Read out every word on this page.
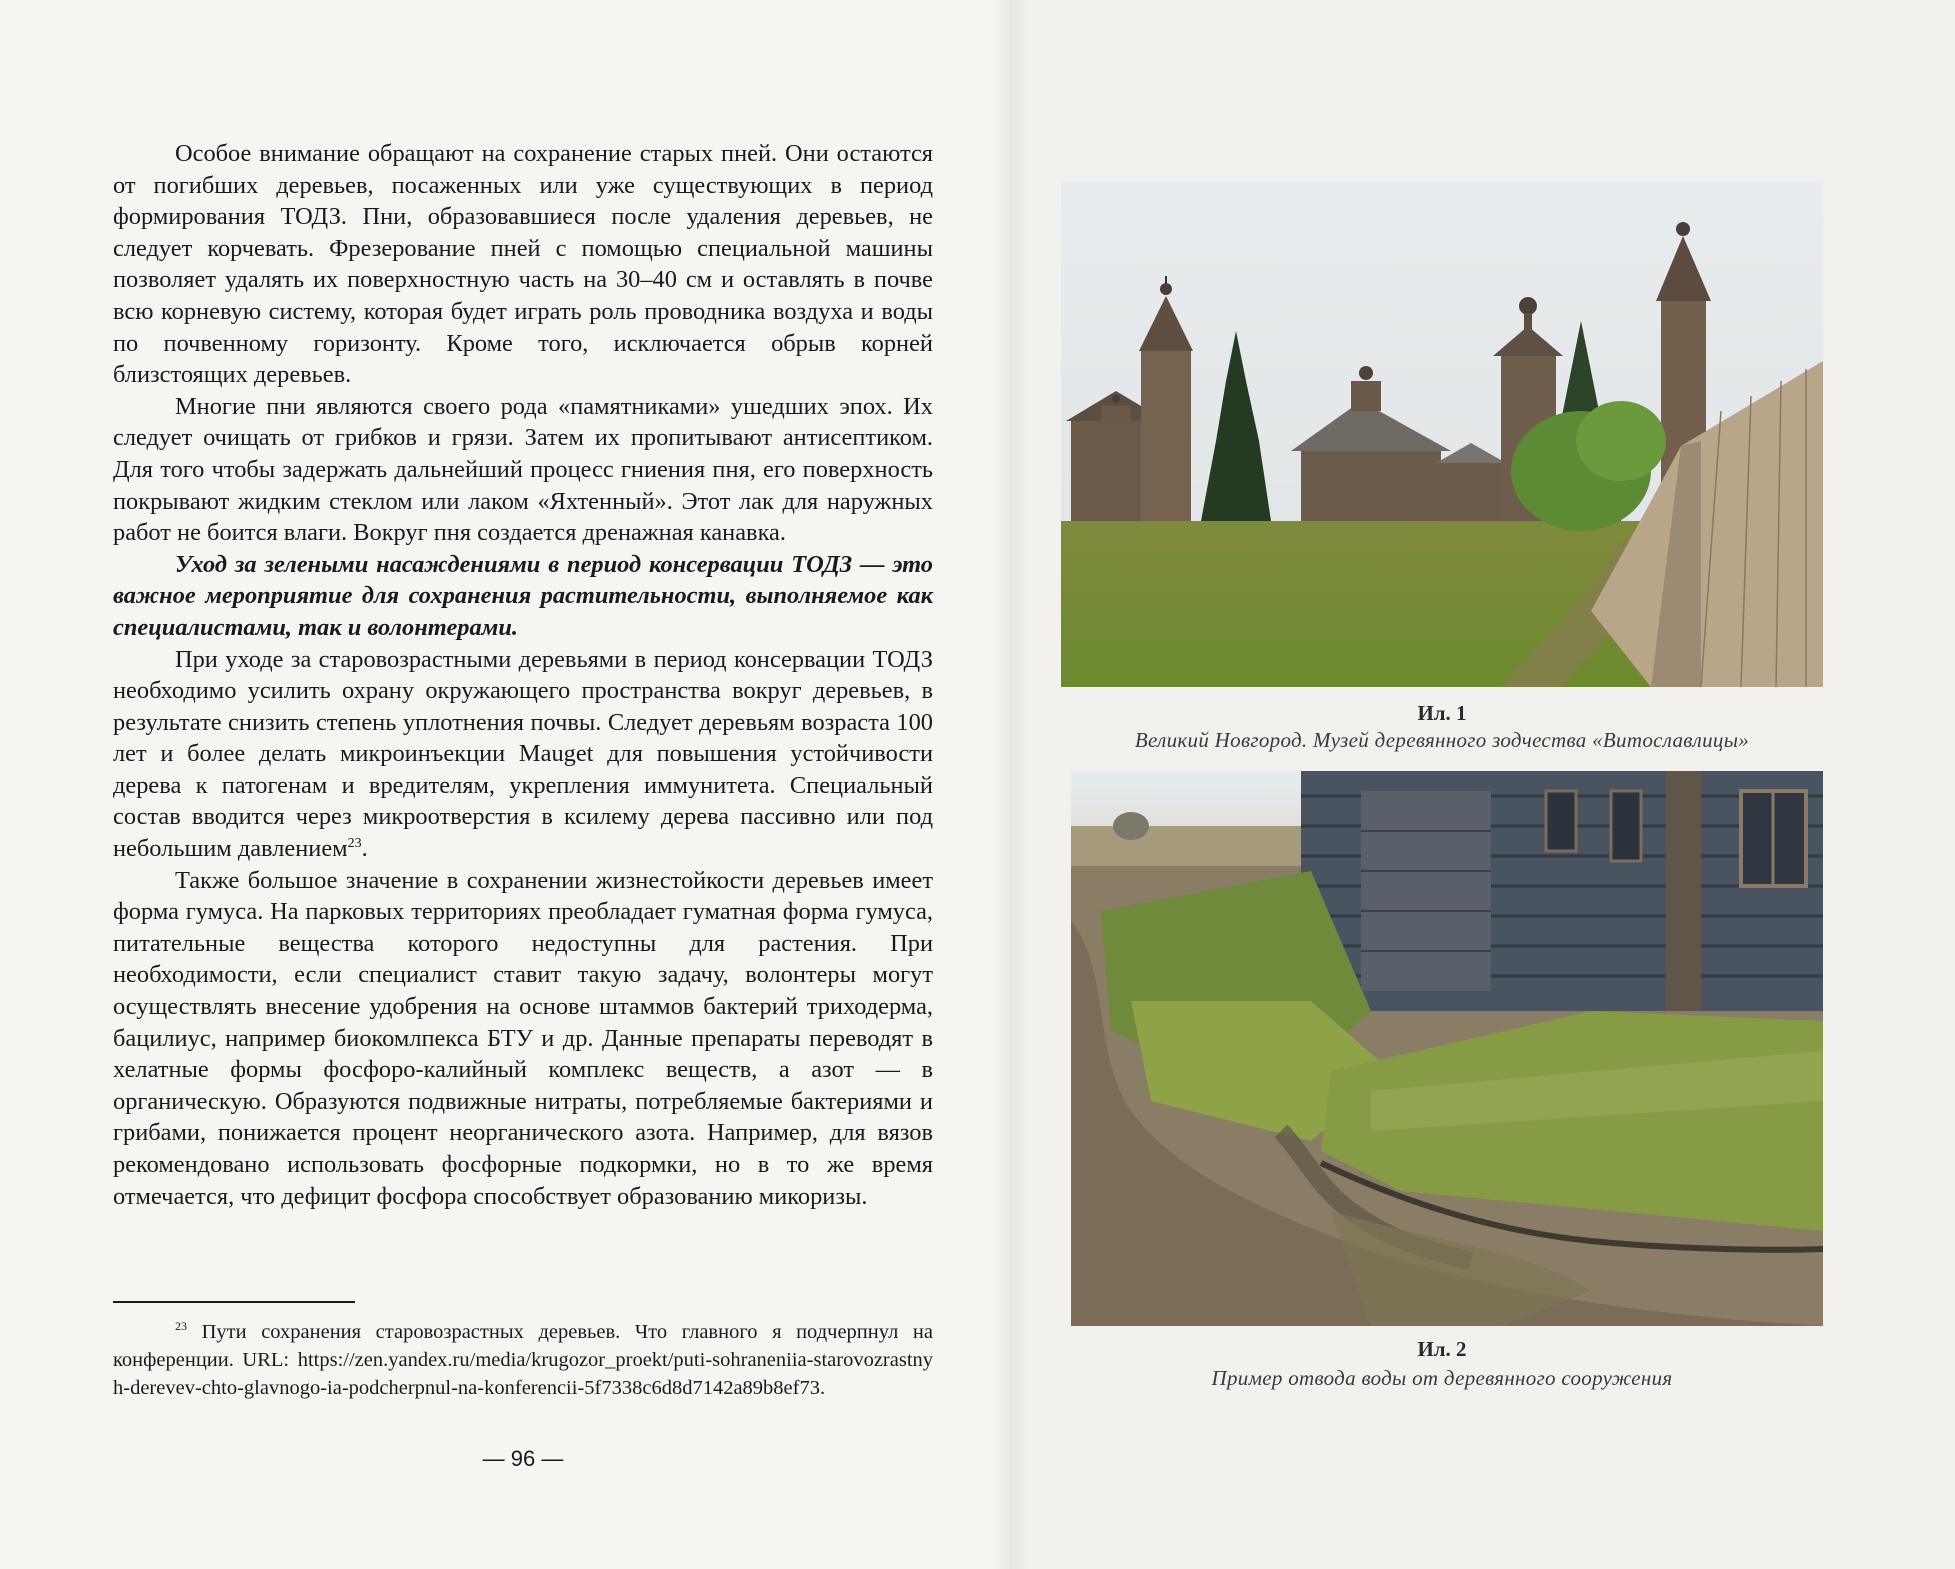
Особое внимание обращают на сохранение старых пней. Они остаются от погибших деревьев, посаженных или уже существующих в период формирования ТОДЗ. Пни, образовавшиеся после удаления деревьев, не следует корчевать. Фрезерование пней с помощью специальной машины позволяет удалять их поверхностную часть на 30–40 см и оставлять в почве всю корневую систему, которая будет играть роль проводника воздуха и воды по почвенному горизонту. Кроме того, исключается обрыв корней близстоящих деревьев.

Многие пни являются своего рода «памятниками» ушедших эпох. Их следует очищать от грибков и грязи. Затем их пропитывают антисептиком. Для того чтобы задержать дальнейший процесс гниения пня, его поверхность покрывают жидким стеклом или лаком «Яхтенный». Этот лак для наружных работ не боится влаги. Вокруг пня создается дренажная канавка.

Уход за зелеными насаждениями в период консервации ТОДЗ — это важное мероприятие для сохранения растительности, выполняемое как специалистами, так и волонтерами.

При уходе за старовозрастными деревьями в период консервации ТОДЗ необходимо усилить охрану окружающего пространства вокруг деревьев, в результате снизить степень уплотнения почвы. Следует деревьям возраста 100 лет и более делать микроинъекции Mauget для повышения устойчивости дерева к патогенам и вредителям, укрепления иммунитета. Специальный состав вводится через микроотверстия в ксилему дерева пассивно или под небольшим давлением$^{23}$.

Также большое значение в сохранении жизнестойкости деревьев имеет форма гумуса. На парковых территориях преобладает гуматная форма гумуса, питательные вещества которого недоступны для растения. При необходимости, если специалист ставит такую задачу, волонтеры могут осуществлять внесение удобрения на основе штаммов бактерий триходерма, бацилиус, например биокомлпекса БТУ и др. Данные препараты переводят в хелатные формы фосфоро-калийный комплекс веществ, а азот — в органическую. Образуются подвижные нитраты, потребляемые бактериями и грибами, понижается процент неорганического азота. Например, для вязов рекомендовано использовать фосфорные подкормки, но в то же время отмечается, что дефицит фосфора способствует образованию микоризы.

$^{23}$ Пути сохранения старовозрастных деревьев. Что главного я подчерпнул на конференции. URL: https://zen.yandex.ru/media/krugozor_proekt/puti-sohraneniia-starovozrastnyh-derevev-chto-glavnogo-ia-podcherpnul-na-konferencii-5f7338c6d8d7142a89b8ef73.

— 96 —
Ил. 1
Великий Новгород. Музей деревянного зодчества «Витославлицы»
Ил. 2
Пример отвода воды от деревянного сооружения
